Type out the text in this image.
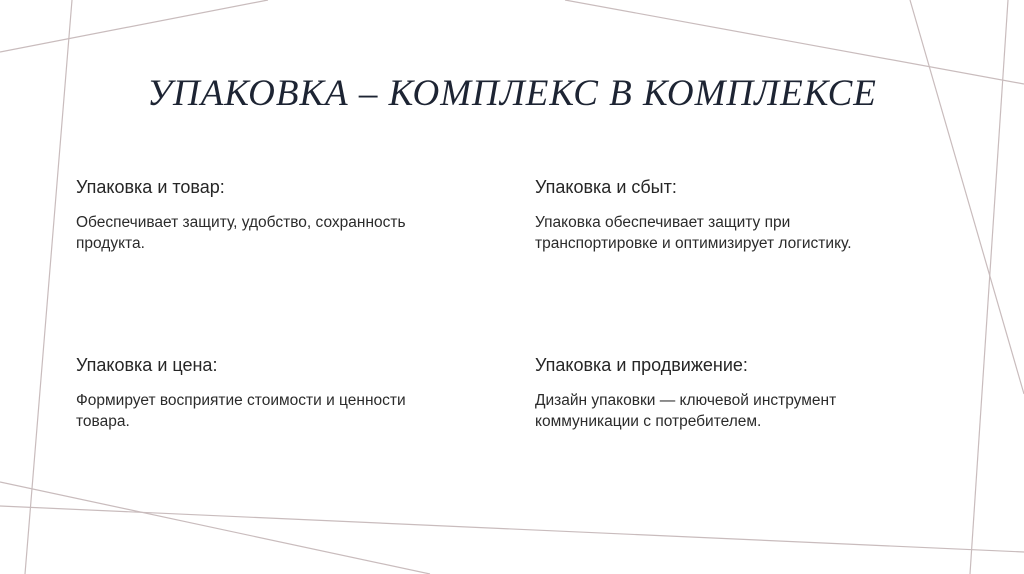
УПАКОВКА – КОМПЛЕКС В КОМПЛЕКСЕ
Упаковка и товар:

Обеспечивает защиту, удобство, сохранность продукта.

Упаковка и сбыт:

Упаковка обеспечивает защиту при транспортировке и оптимизирует логистику.

Упаковка и цена:

Формирует восприятие стоимости и ценности товара.

Упаковка и продвижение:

Дизайн упаковки — ключевой инструмент коммуникации с потребителем.
